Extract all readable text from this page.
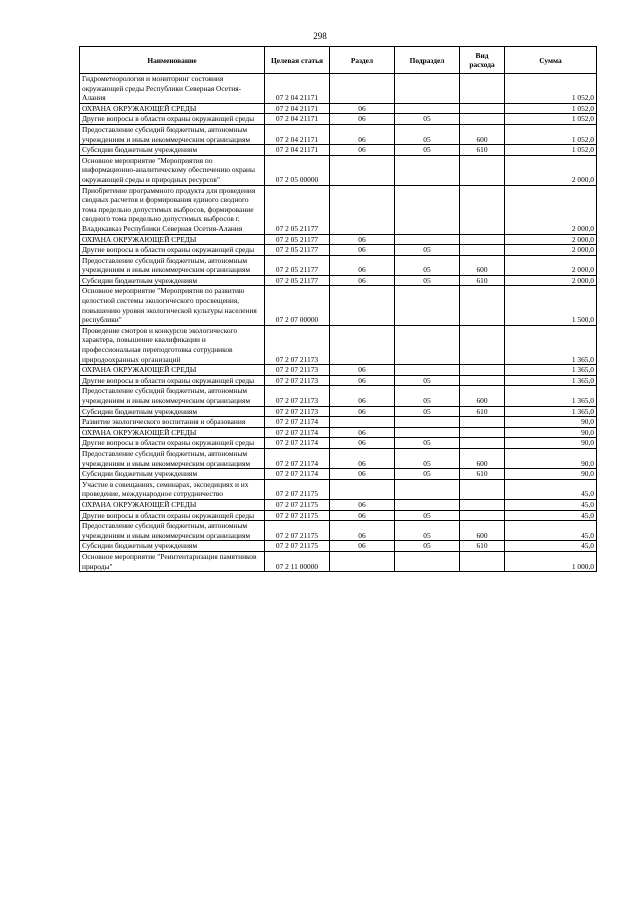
298
Наименование	Целевая статья	Раздел	Подраздел	Вид расхода	Сумма
Гидрометеорология и мониторинг состояния окружающей среды Республики Северная Осетия-Алания	07 2 04 21171				1 052,0
ОХРАНА ОКРУЖАЮЩЕЙ СРЕДЫ	07 2 04 21171	06			1 052,0
Другие вопросы в области охраны окружающей среды	07 2 04 21171	06	05		1 052,0
Предоставление субсидий бюджетным, автономным учреждениям и иным некоммерческим организациям	07 2 04 21171	06	05	600	1 052,0
Субсидии бюджетным учреждениям	07 2 04 21171	06	05	610	1 052,0
Основное мероприятие "Мероприятия по информационно-аналитическому обеспечению охраны окружающей среды и природных ресурсов"	07 2 05 00000				2 000,0
Приобретение программного продукта для проведения сводных расчетов и формирования единого сводного тома предельно допустимых выбросов, формирование сводного тома предельно допустимых выбросов г. Владикавказ Республики Северная Осетия-Алания	07 2 05 21177				2 000,0
ОХРАНА ОКРУЖАЮЩЕЙ СРЕДЫ	07 2 05 21177	06			2 000,0
Другие вопросы в области охраны окружающей среды	07 2 05 21177	06	05		2 000,0
Предоставление субсидий бюджетным, автономным учреждениям и иным некоммерческим организациям	07 2 05 21177	06	05	600	2 000,0
Субсидии бюджетным учреждениям	07 2 05 21177	06	05	610	2 000,0
Основное мероприятие "Мероприятия по развитию целостной системы экологического просвещения, повышению уровня экологической культуры населения республики"	07 2 07 00000				1 500,0
Проведение смотров и конкурсов экологического характера, повышение квалификации и профессиональная переподготовка сотрудников природоохранных организаций	07 2 07 21173				1 365,0
ОХРАНА ОКРУЖАЮЩЕЙ СРЕДЫ	07 2 07 21173	06			1 365,0
Другие вопросы в области охраны окружающей среды	07 2 07 21173	06	05		1 365,0
Предоставление субсидий бюджетным, автономным учреждениям и иным некоммерческим организациям	07 2 07 21173	06	05	600	1 365,0
Субсидии бюджетным учреждениям	07 2 07 21173	06	05	610	1 365,0
Развитие экологического воспитания и образования	07 2 07 21174				90,0
ОХРАНА ОКРУЖАЮЩЕЙ СРЕДЫ	07 2 07 21174	06			90,0
Другие вопросы в области охраны окружающей среды	07 2 07 21174	06	05		90,0
Предоставление субсидий бюджетным, автономным учреждениям и иным некоммерческим организациям	07 2 07 21174	06	05	600	90,0
Субсидии бюджетным учреждениям	07 2 07 21174	06	05	610	90,0
Участие в совещаниях, семинарах, экспедициях и их проведение, международное сотрудничество	07 2 07 21175				45,0
ОХРАНА ОКРУЖАЮЩЕЙ СРЕДЫ	07 2 07 21175	06			45,0
Другие вопросы в области охраны окружающей среды	07 2 07 21175	06	05		45,0
Предоставление субсидий бюджетным, автономным учреждениям и иным некоммерческим организациям	07 2 07 21175	06	05	600	45,0
Субсидии бюджетным учреждениям	07 2 07 21175	06	05	610	45,0
Основное мероприятие "Реинтентаризация памятников природы"	07 2 11 00000				1 000,0
